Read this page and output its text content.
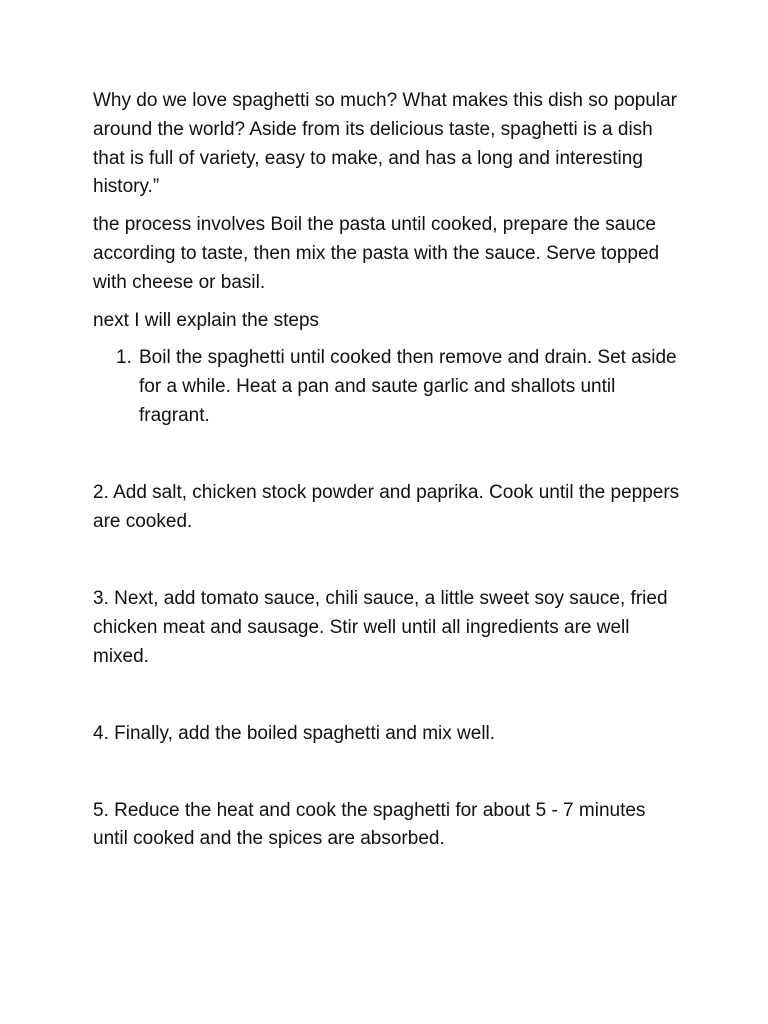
Why do we love spaghetti so much? What makes this dish so popular around the world? Aside from its delicious taste, spaghetti is a dish that is full of variety, easy to make, and has a long and interesting history.”

the process involves Boil the pasta until cooked, prepare the sauce according to taste, then mix the pasta with the sauce. Serve topped with cheese or basil.

next I will explain the steps

1. Boil the spaghetti until cooked then remove and drain. Set aside for a while. Heat a pan and saute garlic and shallots until fragrant.

2. Add salt, chicken stock powder and paprika. Cook until the peppers are cooked.

3. Next, add tomato sauce, chili sauce, a little sweet soy sauce, fried chicken meat and sausage. Stir well until all ingredients are well mixed.

4. Finally, add the boiled spaghetti and mix well.

5. Reduce the heat and cook the spaghetti for about 5 - 7 minutes until cooked and the spices are absorbed.
